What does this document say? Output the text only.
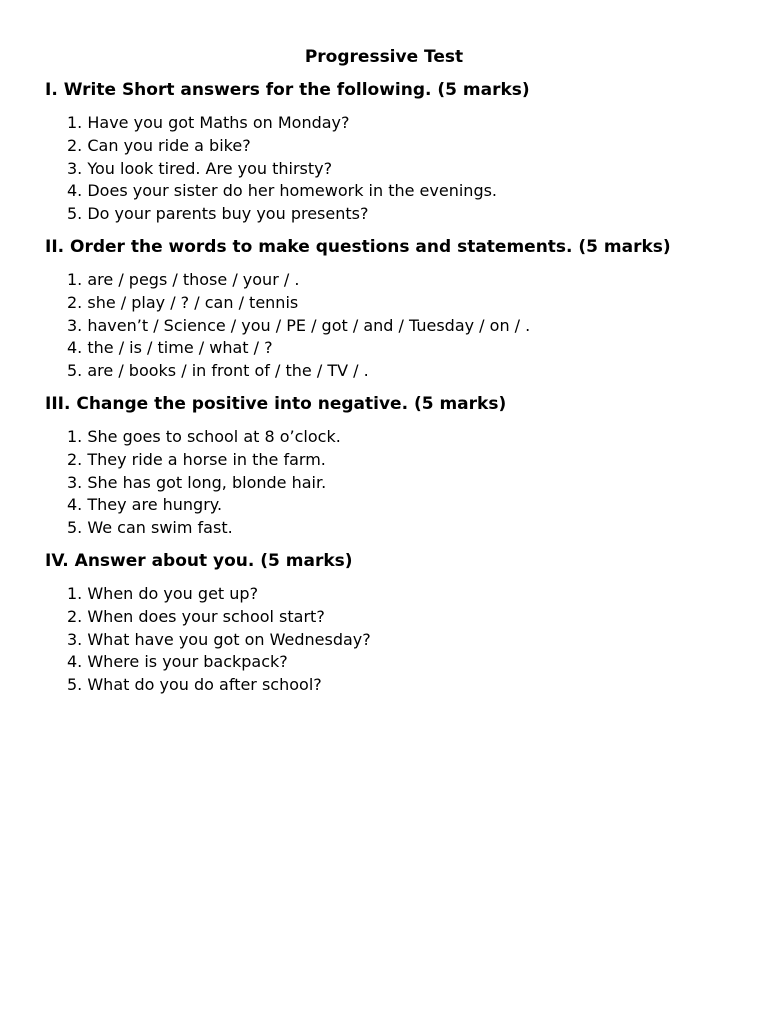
Progressive Test
I. Write Short answers for the following. (5 marks)
1. Have you got Maths on Monday?
2. Can you ride a bike?
3. You look tired. Are you thirsty?
4. Does your sister do her homework in the evenings.
5. Do your parents buy you presents?
II. Order the words to make questions and statements. (5 marks)
1. are / pegs / those / your / .
2. she / play / ? / can / tennis
3. haven’t / Science / you / PE / got / and / Tuesday / on / .
4. the / is / time / what / ?
5. are / books / in front of / the / TV / .
III. Change the positive into negative. (5 marks)
1. She goes to school at 8 o’clock.
2. They ride a horse in the farm.
3. She has got long, blonde hair.
4. They are hungry.
5. We can swim fast.
IV. Answer about you. (5 marks)
1. When do you get up?
2. When does your school start?
3. What have you got on Wednesday?
4. Where is your backpack?
5. What do you do after school?
